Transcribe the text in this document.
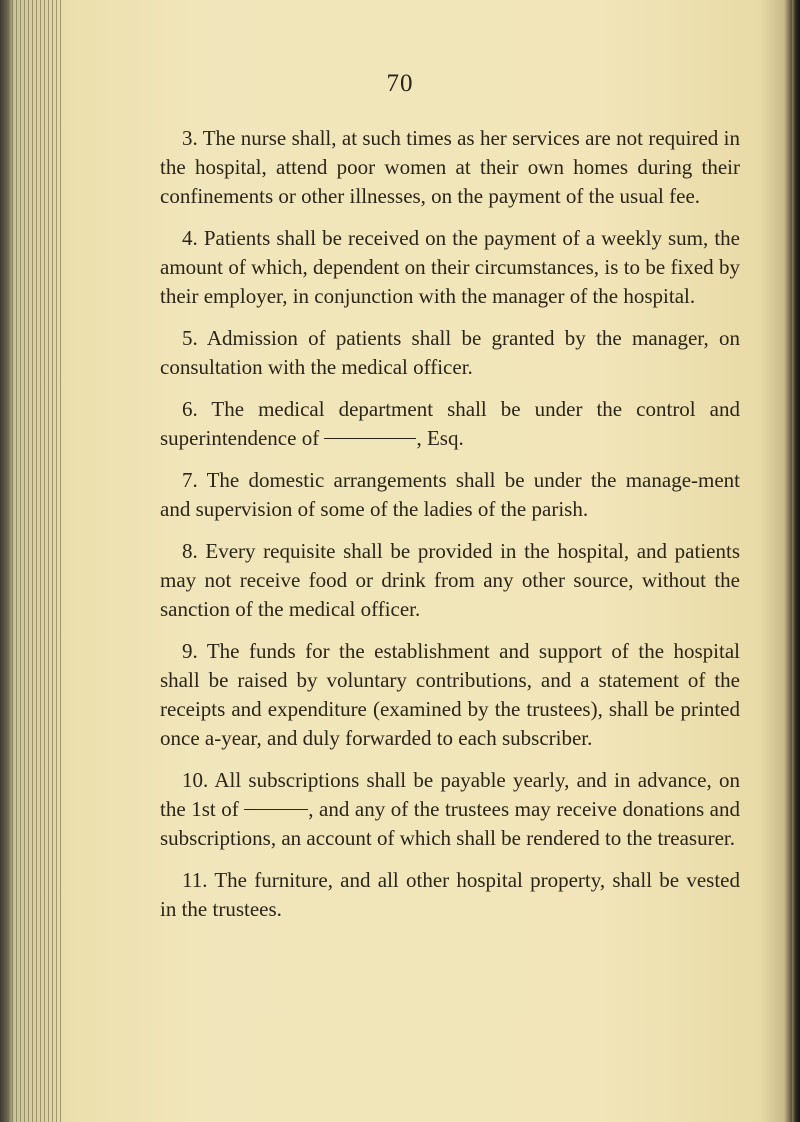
70

3. The nurse shall, at such times as her services are not required in the hospital, attend poor women at their own homes during their confinements or other illnesses, on the payment of the usual fee.

4. Patients shall be received on the payment of a weekly sum, the amount of which, dependent on their circumstances, is to be fixed by their employer, in conjunction with the manager of the hospital.

5. Admission of patients shall be granted by the manager, on consultation with the medical officer.

6. The medical department shall be under the control and superintendence of	, Esq.

7. The domestic arrangements shall be under the manage-ment and supervision of some of the ladies of the parish.

8. Every requisite shall be provided in the hospital, and patients may not receive food or drink from any other source, without the sanction of the medical officer.

9. The funds for the establishment and support of the hospital shall be raised by voluntary contributions, and a statement of the receipts and expenditure (examined by the trustees), shall be printed once a-year, and duly forwarded to each subscriber.

10. All subscriptions shall be payable yearly, and in advance, on the 1st of	, and any of the trustees may receive donations and subscriptions, an account of which shall be rendered to the treasurer.

11. The furniture, and all other hospital property, shall be vested in the trustees.
